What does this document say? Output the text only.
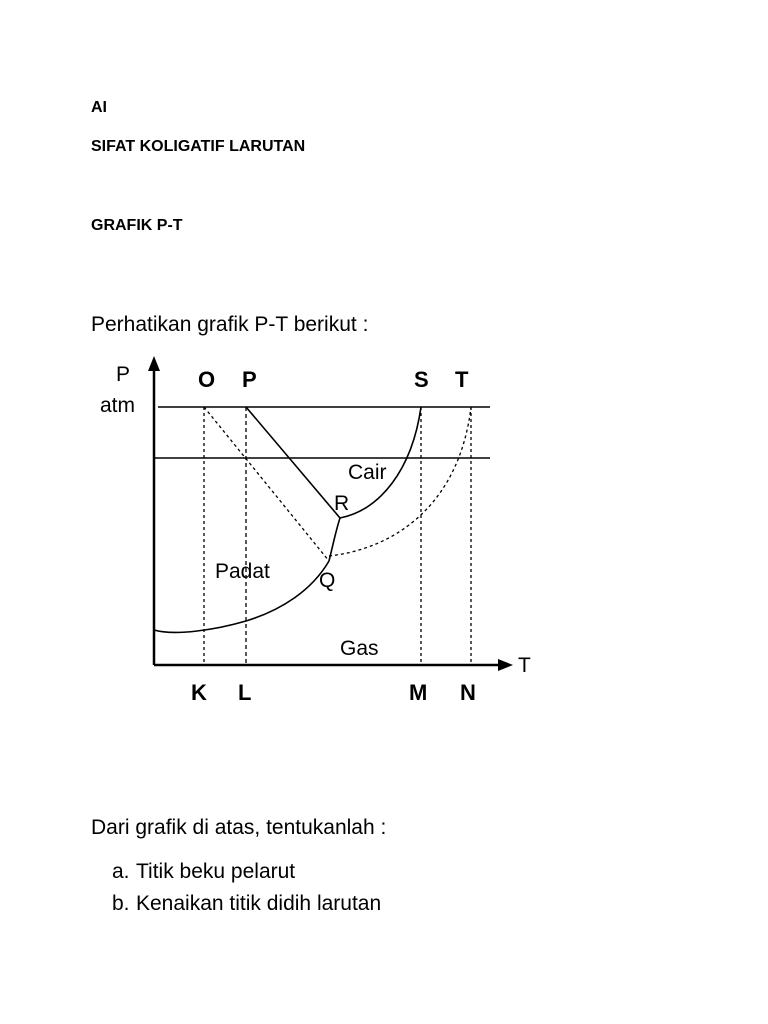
AI

SIFAT KOLIGATIF LARUTAN

GRAFIK P-T

Perhatikan grafik P-T berikut :

P
atm
T
O P	S T
K L	M N
Cair
Padat
Gas
R
Q

Dari grafik di atas, tentukanlah :

a. Titik beku pelarut
b. Kenaikan titik didih larutan
